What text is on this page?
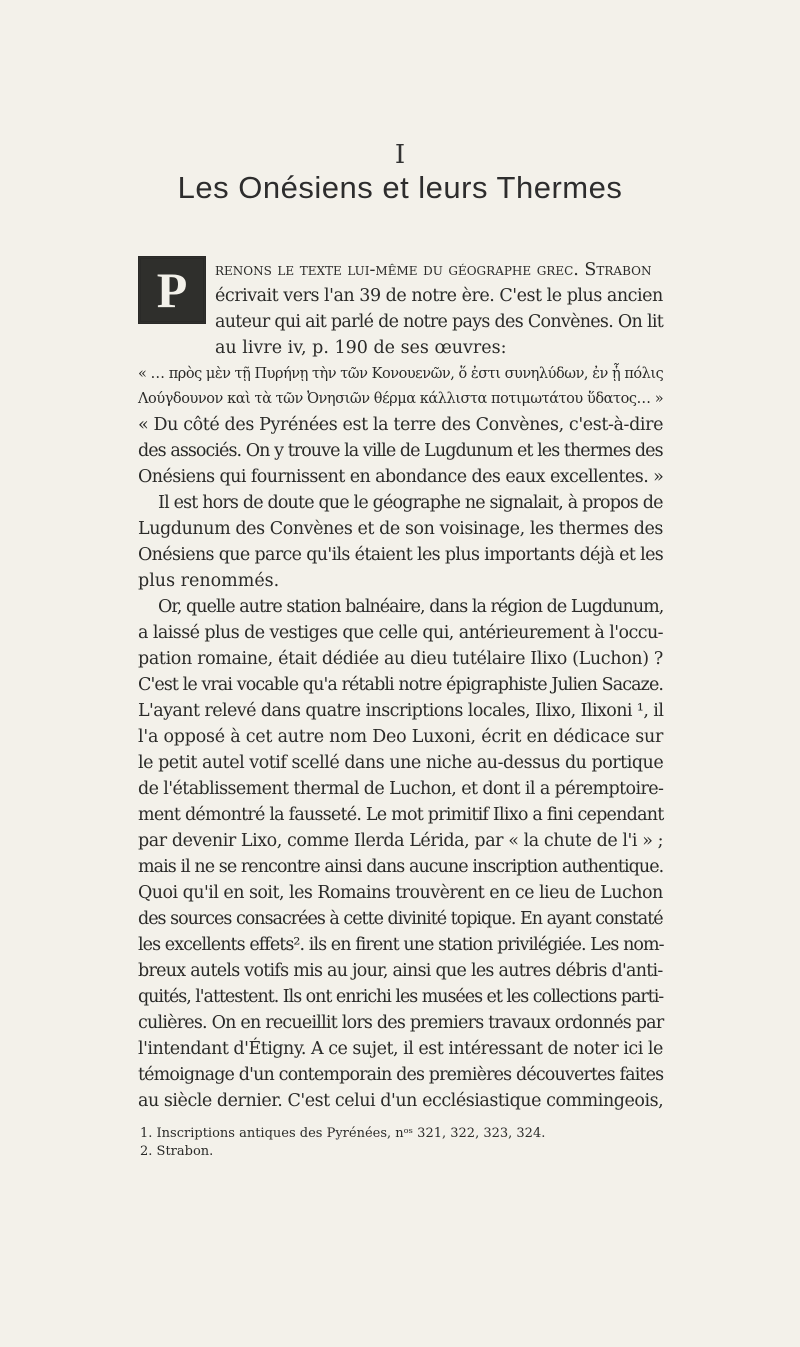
I
Les Onésiens et leurs Thermes
P renons le texte lui-même du géographe grec. Strabon
écrivait vers l'an 39 de notre ère. C'est le plus ancien
auteur qui ait parlé de notre pays des Convènes. On lit
au livre iv, p. 190 de ses œuvres:
« … πρὸς μὲν τῇ Πυρήνῃ τὴν τῶν Κονουενῶν, ὅ ἐστι συνηλύδων, ἐν ᾗ πόλις
Λούγδουνον καὶ τὰ τῶν Ὀνησιῶν θέρμα κάλλιστα ποτιμωτάτου ὕδατος… »
« Du côté des Pyrénées est la terre des Convènes, c'est-à-dire
des associés. On y trouve la ville de Lugdunum et les thermes des
Onésiens qui fournissent en abondance des eaux excellentes. »
Il est hors de doute que le géographe ne signalait, à propos de
Lugdunum des Convènes et de son voisinage, les thermes des
Onésiens que parce qu'ils étaient les plus importants déjà et les
plus renommés.
Or, quelle autre station balnéaire, dans la région de Lugdunum,
a laissé plus de vestiges que celle qui, antérieurement à l'occu-
pation romaine, était dédiée au dieu tutélaire Ilixo (Luchon) ?
C'est le vrai vocable qu'a rétabli notre épigraphiste Julien Sacaze.
L'ayant relevé dans quatre inscriptions locales, Ilixo, Ilixoni ¹, il
l'a opposé à cet autre nom Deo Luxoni, écrit en dédicace sur
le petit autel votif scellé dans une niche au-dessus du portique
de l'établissement thermal de Luchon, et dont il a péremptoire-
ment démontré la fausseté. Le mot primitif Ilixo a fini cependant
par devenir Lixo, comme Ilerda Lérida, par « la chute de l'i » ;
mais il ne se rencontre ainsi dans aucune inscription authentique.
Quoi qu'il en soit, les Romains trouvèrent en ce lieu de Luchon
des sources consacrées à cette divinité topique. En ayant constaté
les excellents effets². ils en firent une station privilégiée. Les nom-
breux autels votifs mis au jour, ainsi que les autres débris d'anti-
quités, l'attestent. Ils ont enrichi les musées et les collections parti-
culières. On en recueillit lors des premiers travaux ordonnés par
l'intendant d'Étigny. A ce sujet, il est intéressant de noter ici le
témoignage d'un contemporain des premières découvertes faites
au siècle dernier. C'est celui d'un ecclésiastique commingeois,
1. Inscriptions antiques des Pyrénées, nᵒˢ 321, 322, 323, 324.
2. Strabon.
